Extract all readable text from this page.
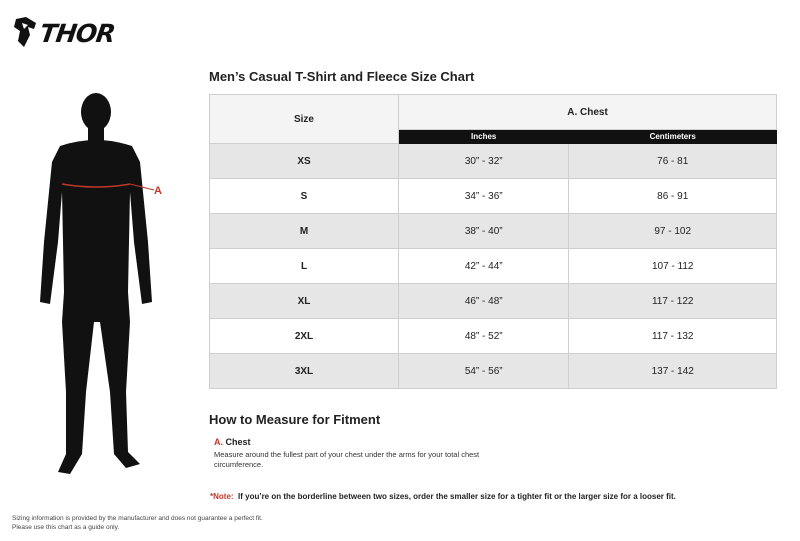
THOR
A
Men’s Casual T-Shirt and Fleece Size Chart
Size	A. Chest	
	Inches	Centimeters
XS	30” - 32”	76 - 81
S	34” - 36”	86 - 91
M	38” - 40”	97 - 102
L	42” - 44”	107 - 112
XL	46” - 48”	117 - 122
2XL	48” - 52”	117 - 132
3XL	54” - 56”	137 - 142
How to Measure for Fitment
A. Chest
Measure around the fullest part of your chest under the arms for your total chest circumference.
*Note: If you’re on the borderline between two sizes, order the smaller size for a tighter fit or the larger size for a looser fit.
Sizing information is provided by the manufacturer and does not guarantee a perfect fit.
Please use this chart as a guide only.
